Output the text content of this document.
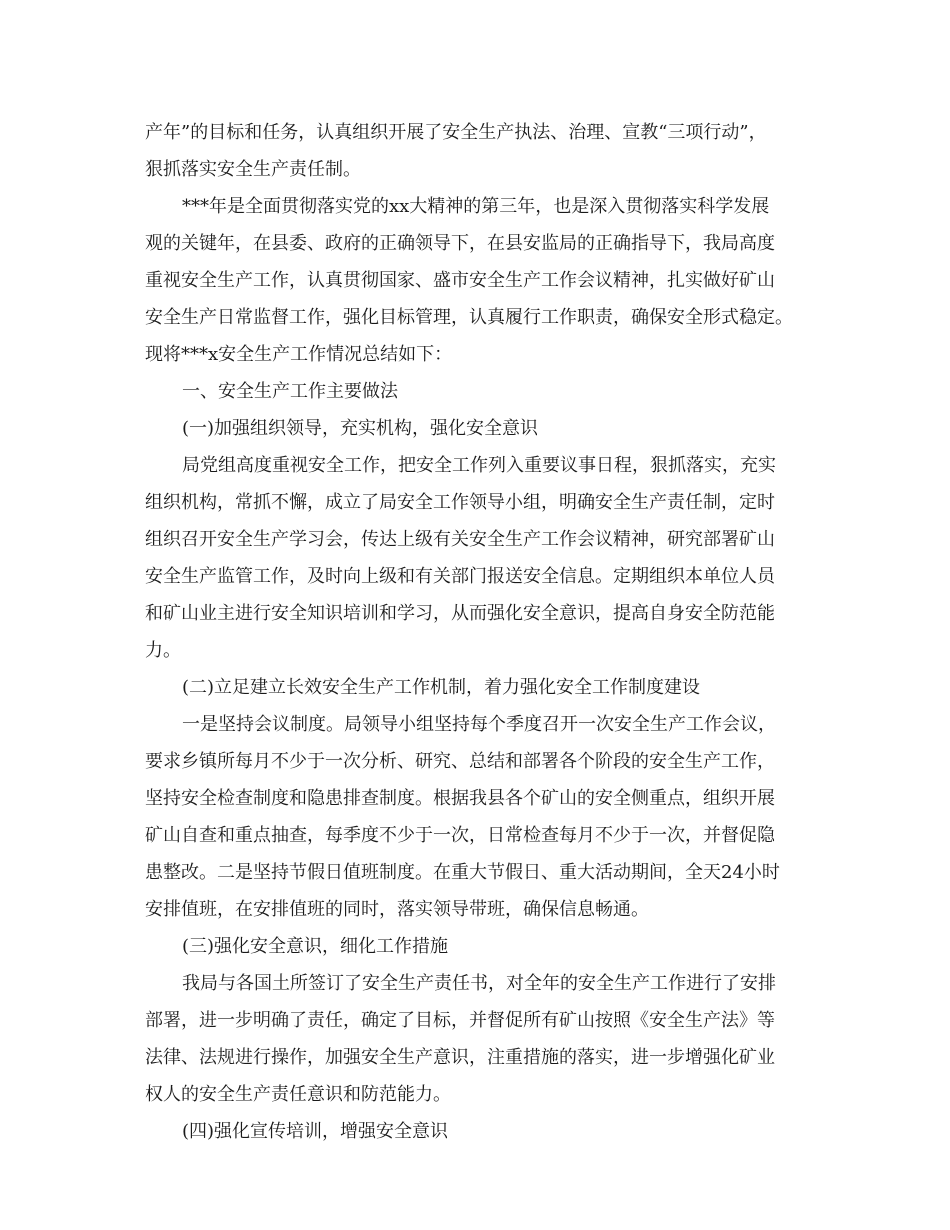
产年”的目标和任务，认真组织开展了安全生产执法、治理、宣教“三项行动”，
狠抓落实安全生产责任制。
***年是全面贯彻落实党的xx大精神的第三年，也是深入贯彻落实科学发展
观的关键年，在县委、政府的正确领导下，在县安监局的正确指导下，我局高度
重视安全生产工作，认真贯彻国家、盛市安全生产工作会议精神，扎实做好矿山
安全生产日常监督工作，强化目标管理，认真履行工作职责，确保安全形式稳定。
现将***x安全生产工作情况总结如下：
一、安全生产工作主要做法
(一)加强组织领导，充实机构，强化安全意识
局党组高度重视安全工作，把安全工作列入重要议事日程，狠抓落实，充实
组织机构，常抓不懈，成立了局安全工作领导小组，明确安全生产责任制，定时
组织召开安全生产学习会，传达上级有关安全生产工作会议精神，研究部署矿山
安全生产监管工作，及时向上级和有关部门报送安全信息。定期组织本单位人员
和矿山业主进行安全知识培训和学习，从而强化安全意识，提高自身安全防范能
力。
(二)立足建立长效安全生产工作机制，着力强化安全工作制度建设
一是坚持会议制度。局领导小组坚持每个季度召开一次安全生产工作会议，
要求乡镇所每月不少于一次分析、研究、总结和部署各个阶段的安全生产工作，
坚持安全检查制度和隐患排查制度。根据我县各个矿山的安全侧重点，组织开展
矿山自查和重点抽查，每季度不少于一次，日常检查每月不少于一次，并督促隐
患整改。二是坚持节假日值班制度。在重大节假日、重大活动期间，全天24小时
安排值班，在安排值班的同时，落实领导带班，确保信息畅通。
(三)强化安全意识，细化工作措施
我局与各国土所签订了安全生产责任书，对全年的安全生产工作进行了安排
部署，进一步明确了责任，确定了目标，并督促所有矿山按照《安全生产法》等
法律、法规进行操作，加强安全生产意识，注重措施的落实，进一步增强化矿业
权人的安全生产责任意识和防范能力。
(四)强化宣传培训，增强安全意识
